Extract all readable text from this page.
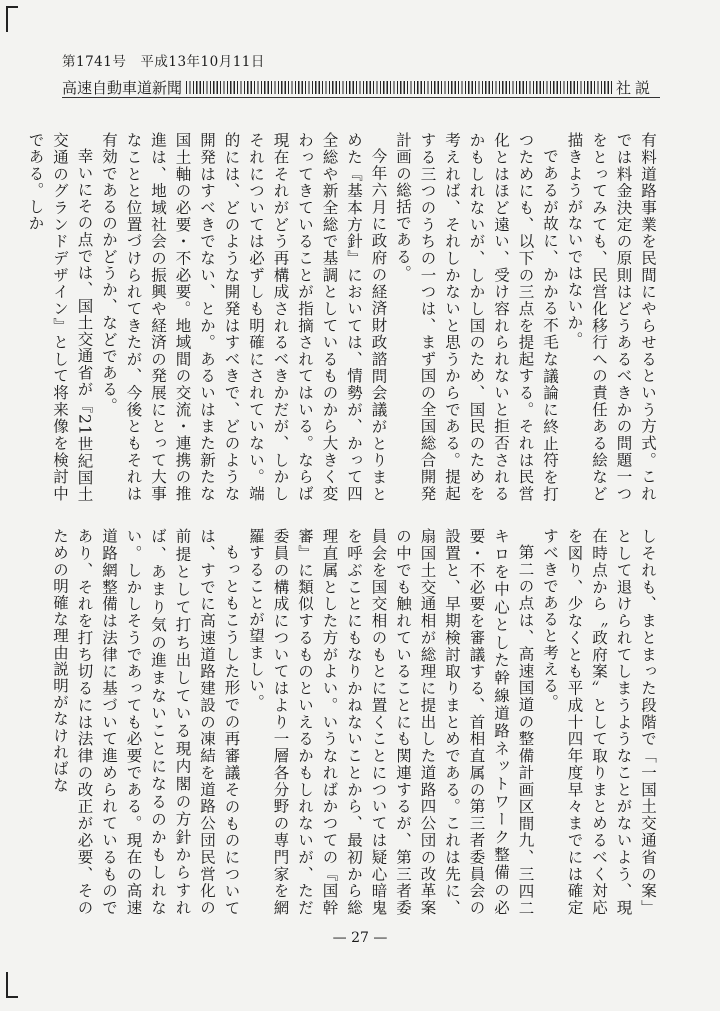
第1741号　平成13年10月11日
高速自動車道新聞	社説

有料道路事業を民間にやらせるという方式。これでは料金決定の原則はどうあるべきかの問題一つをとってみても、民営化移行への責任ある絵など描きようがないではないか。

であるが故に、かかる不毛な議論に終止符を打つためにも、以下の三点を提起する。それは民営化とはほど遠い、受け容れられないと拒否されるかもしれないが、しかし国のため、国民のためを考えれば、それしかないと思うからである。提起する三つのうちの一つは、まず国の全国総合開発計画の総括である。

今年六月に政府の経済財政諮問会議がとりまとめた『基本方針』においては、情勢が、かって四全総や新全総で基調としているものから大きく変わってきていることが指摘されてはいる。ならば現在それがどう再構成されるべきかだが、しかしそれについては必ずしも明確にされていない。端的には、どのような開発はすべきで、どのような開発はすべきでない、とか。あるいはまた新たな国土軸の必要・不必要。地域間の交流・連携の推進は、地域社会の振興や経済の発展にとって大事なことと位置づけられてきたが、今後ともそれは有効であるのかどうか、などである。

幸いにその点では、国土交通省が『21世紀国土交通のグランドデザイン』として将来像を検討中である。しか

しそれも、まとまった段階で「一国土交通省の案」として退けられてしまうようなことがないよう、現在時点から〝政府案〟として取りまとめるべく対応を図り、少なくとも平成十四年度早々までには確定すべきであると考える。

第二の点は、高速国道の整備計画区間九、三四二キロを中心とした幹線道路ネットワーク整備の必要・不必要を審議する、首相直属の第三者委員会の設置と、早期検討取りまとめである。これは先に、扇国土交通相が総理に提出した道路四公団の改革案の中でも触れていることにも関連するが、第三者委員会を国交相のもとに置くことについては疑心暗鬼を呼ぶことにもなりかねないことから、最初から総理直属とした方がよい。いうなればかつての『国幹審』に類似するものといえるかもしれないが、ただ委員の構成についてはより一層各分野の専門家を網羅することが望ましい。

もっともこうした形での再審議そのものについては、すでに高速道路建設の凍結を道路公団民営化の前提として打ち出している現内閣の方針からすれば、あまり気の進まないことになるのかもしれない。しかしそうであっても必要である。現在の高速道路網整備は法律に基づいて進められているものであり、それを打ち切るには法律の改正が必要、そのための明確な理由説明がなければな

— 27 —
